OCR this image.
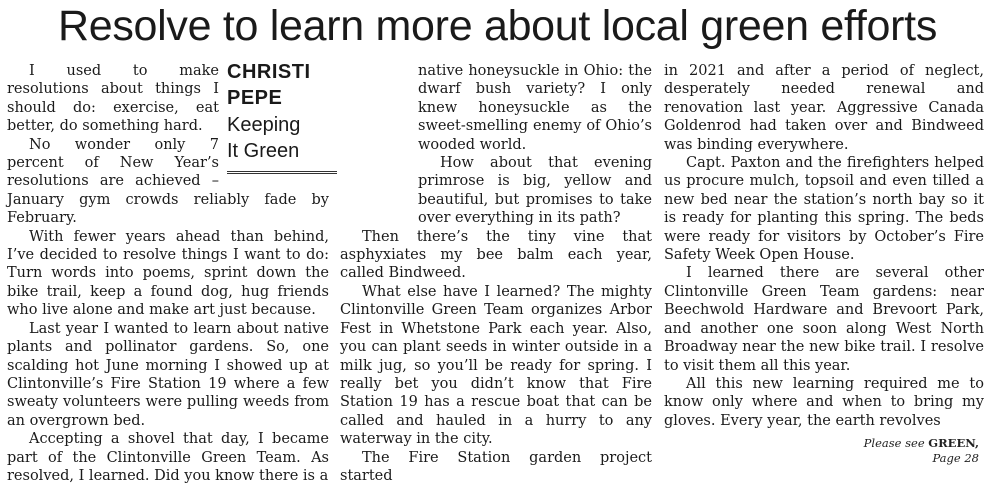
Resolve to learn more about local green efforts
CHRISTI
PEPE
Keeping
It Green

I used to make resolutions about things I should do: exercise, eat better, do something hard.

No wonder only 7 percent of New Year’s resolutions are achieved – January gym crowds reliably fade by February.

With fewer years ahead than behind, I’ve decided to resolve things I want to do: Turn words into poems, sprint down the bike trail, keep a found dog, hug friends who live alone and make art just because.

Last year I wanted to learn about native plants and pollinator gardens. So, one scalding hot June morning I showed up at Clintonville’s Fire Station 19 where a few sweaty volunteers were pulling weeds from an overgrown bed.

Accepting a shovel that day, I became part of the Clintonville Green Team. As resolved, I learned. Did you know there is a

native honeysuckle in Ohio: the dwarf bush variety? I only knew honeysuckle as the sweet-smelling enemy of Ohio’s wooded world.

How about that evening primrose is big, yellow and beautiful, but promises to take over everything in its path?

Then there’s the tiny vine that asphyxiates my bee balm each year, called Bindweed.

What else have I learned? The mighty Clintonville Green Team organizes Arbor Fest in Whetstone Park each year. Also, you can plant seeds in winter outside in a milk jug, so you’ll be ready for spring. I really bet you didn’t know that Fire Station 19 has a rescue boat that can be called and hauled in a hurry to any waterway in the city.

The Fire Station garden project started

in 2021 and after a period of neglect, desperately needed renewal and renovation last year. Aggressive Canada Goldenrod had taken over and Bindweed was binding everywhere.

Capt. Paxton and the firefighters helped us procure mulch, topsoil and even tilled a new bed near the station’s north bay so it is ready for planting this spring. The beds were ready for visitors by October’s Fire Safety Week Open House.

I learned there are several other Clintonville Green Team gardens: near Beechwold Hardware and Brevoort Park, and another one soon along West North Broadway near the new bike trail. I resolve to visit them all this year.

All this new learning required me to know only where and when to bring my gloves. Every year, the earth revolves

Please see GREEN,
Page 28
